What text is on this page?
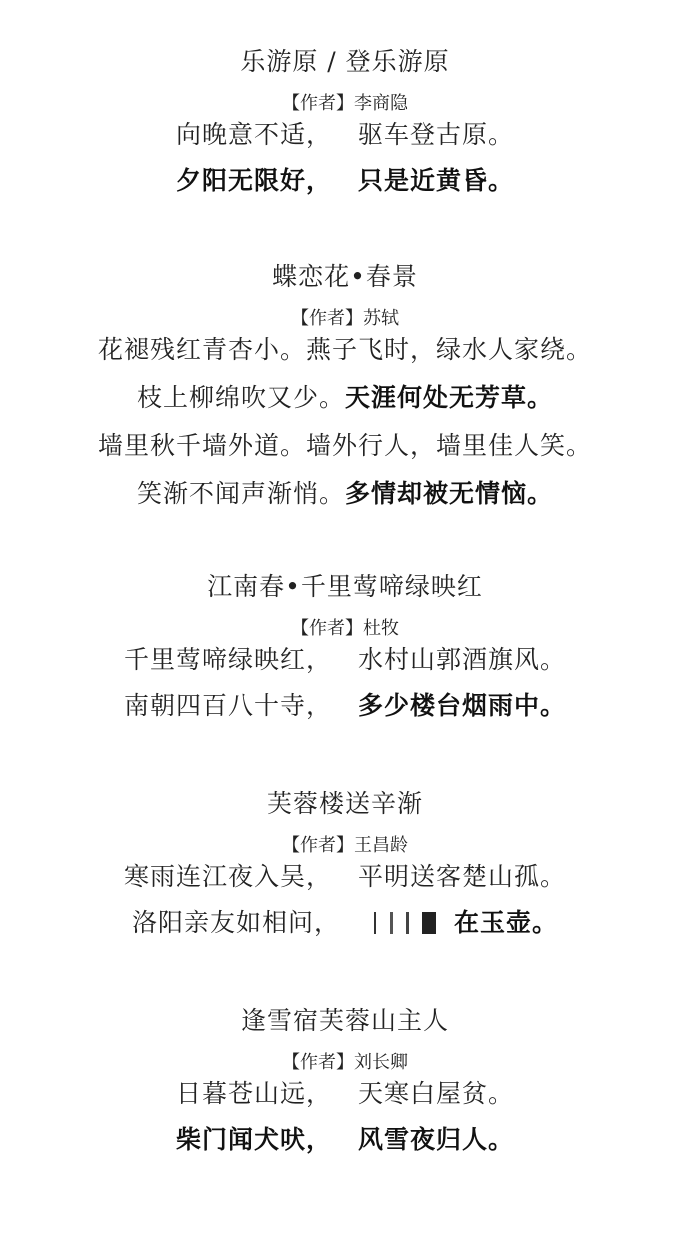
乐游原 / 登乐游原
【作者】李商隐
向晚意不适， 驱车登古原。
夕阳无限好， 只是近黄昏。
蝶恋花•春景
【作者】苏轼
花褪残红青杏小。燕子飞时，绿水人家绕。
枝上柳绵吹又少。天涯何处无芳草。
墙里秋千墙外道。墙外行人，墙里佳人笑。
笑渐不闻声渐悄。多情却被无情恼。
江南春•千里莺啼绿映红
【作者】杜牧
千里莺啼绿映红， 水村山郭酒旗风。
南朝四百八十寺， 多少楼台烟雨中。
芙蓉楼送辛渐
【作者】王昌龄
寒雨连江夜入吴， 平明送客楚山孤。
洛阳亲友如相问，	在玉壶。
逢雪宿芙蓉山主人
【作者】刘长卿
日暮苍山远， 天寒白屋贫。
柴门闻犬吠， 风雪夜归人。
